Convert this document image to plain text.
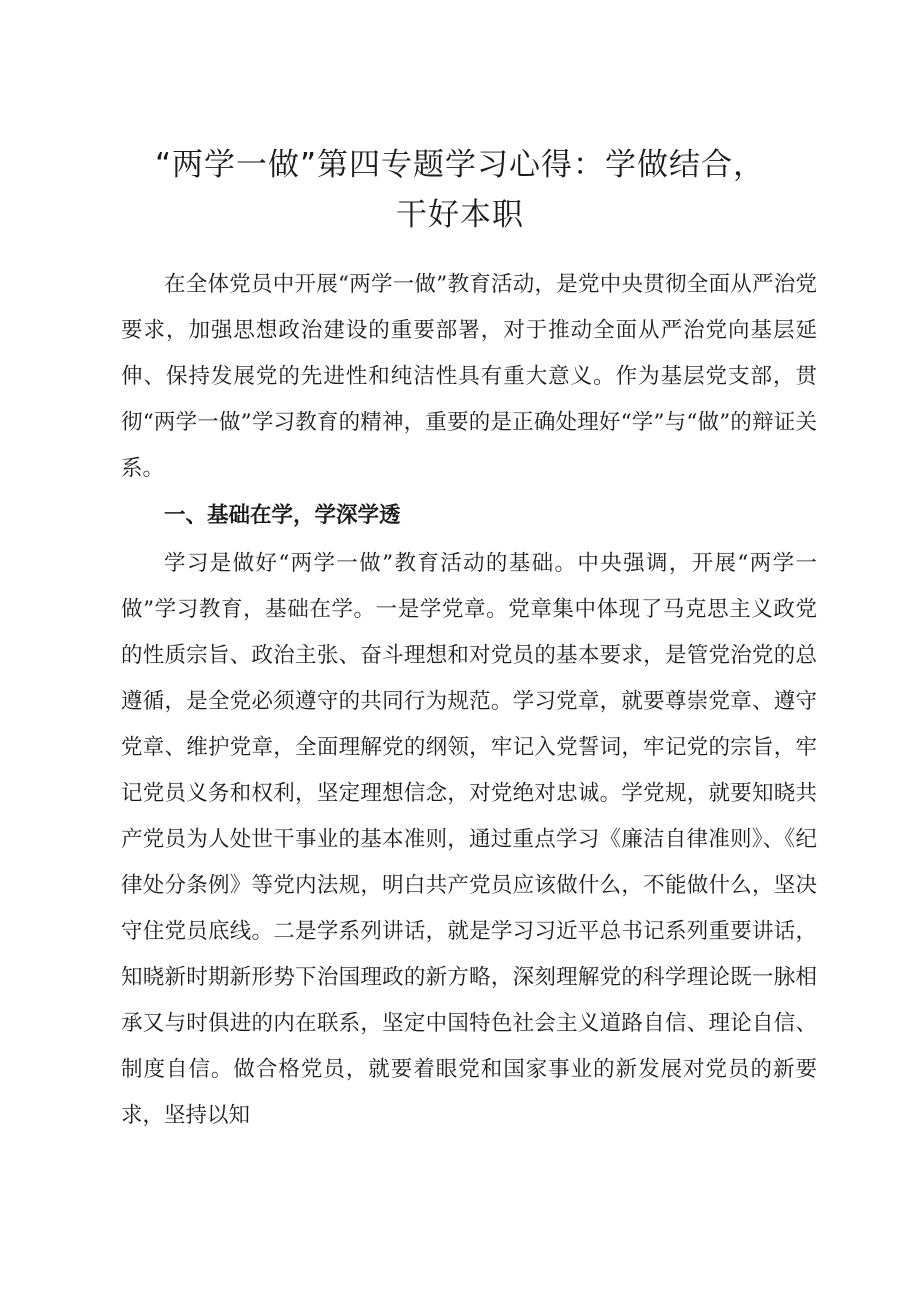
“两学一做”第四专题学习心得：学做结合，
干好本职

在全体党员中开展“两学一做”教育活动，是党中央贯彻全面从严治党要求，加强思想政治建设的重要部署，对于推动全面从严治党向基层延伸、保持发展党的先进性和纯洁性具有重大意义。作为基层党支部，贯彻“两学一做”学习教育的精神，重要的是正确处理好“学”与“做”的辩证关系。

一、基础在学，学深学透

学习是做好“两学一做”教育活动的基础。中央强调，开展“两学一做”学习教育，基础在学。一是学党章。党章集中体现了马克思主义政党的性质宗旨、政治主张、奋斗理想和对党员的基本要求，是管党治党的总遵循，是全党必须遵守的共同行为规范。学习党章，就要尊崇党章、遵守党章、维护党章，全面理解党的纲领，牢记入党誓词，牢记党的宗旨，牢记党员义务和权利，坚定理想信念，对党绝对忠诚。学党规，就要知晓共产党员为人处世干事业的基本准则，通过重点学习《廉洁自律准则》、《纪律处分条例》等党内法规，明白共产党员应该做什么，不能做什么，坚决守住党员底线。二是学系列讲话，就是学习习近平总书记系列重要讲话，知晓新时期新形势下治国理政的新方略，深刻理解党的科学理论既一脉相承又与时俱进的内在联系，坚定中国特色社会主义道路自信、理论自信、制度自信。做合格党员，就要着眼党和国家事业的新发展对党员的新要求，坚持以知
